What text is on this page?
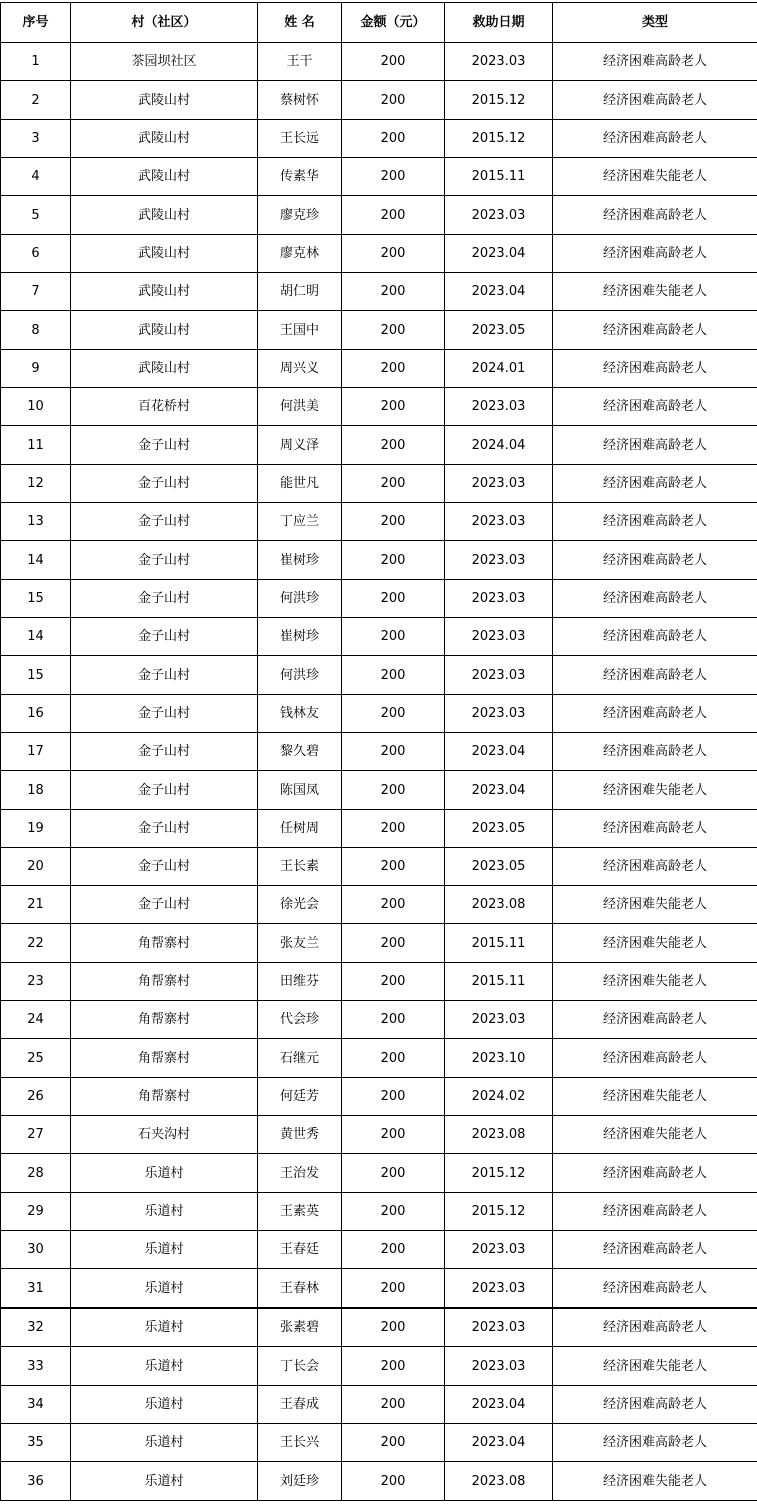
序号	村（社区）	姓 名	金额（元）	救助日期	类型
1	茶园坝社区	王干	200	2023.03	经济困难高龄老人
2	武陵山村	蔡树怀	200	2015.12	经济困难高龄老人
3	武陵山村	王长远	200	2015.12	经济困难高龄老人
4	武陵山村	传素华	200	2015.11	经济困难失能老人
5	武陵山村	廖克珍	200	2023.03	经济困难高龄老人
6	武陵山村	廖克林	200	2023.04	经济困难高龄老人
7	武陵山村	胡仁明	200	2023.04	经济困难失能老人
8	武陵山村	王国中	200	2023.05	经济困难高龄老人
9	武陵山村	周兴义	200	2024.01	经济困难高龄老人
10	百花桥村	何洪美	200	2023.03	经济困难高龄老人
11	金子山村	周义泽	200	2024.04	经济困难高龄老人
12	金子山村	能世凡	200	2023.03	经济困难高龄老人
13	金子山村	丁应兰	200	2023.03	经济困难高龄老人
14	金子山村	崔树珍	200	2023.03	经济困难高龄老人
15	金子山村	何洪珍	200	2023.03	经济困难高龄老人
14	金子山村	崔树珍	200	2023.03	经济困难高龄老人
15	金子山村	何洪珍	200	2023.03	经济困难高龄老人
16	金子山村	钱林友	200	2023.03	经济困难高龄老人
17	金子山村	黎久碧	200	2023.04	经济困难高龄老人
18	金子山村	陈国凤	200	2023.04	经济困难失能老人
19	金子山村	任树周	200	2023.05	经济困难高龄老人
20	金子山村	王长素	200	2023.05	经济困难高龄老人
21	金子山村	徐光会	200	2023.08	经济困难失能老人
22	角帮寨村	张友兰	200	2015.11	经济困难失能老人
23	角帮寨村	田维芬	200	2015.11	经济困难失能老人
24	角帮寨村	代会珍	200	2023.03	经济困难高龄老人
25	角帮寨村	石继元	200	2023.10	经济困难高龄老人
26	角帮寨村	何廷芳	200	2024.02	经济困难失能老人
27	石夹沟村	黄世秀	200	2023.08	经济困难失能老人
28	乐道村	王治发	200	2015.12	经济困难高龄老人
29	乐道村	王素英	200	2015.12	经济困难高龄老人
30	乐道村	王春廷	200	2023.03	经济困难高龄老人
31	乐道村	王春林	200	2023.03	经济困难高龄老人
32	乐道村	张素碧	200	2023.03	经济困难高龄老人
33	乐道村	丁长会	200	2023.03	经济困难失能老人
34	乐道村	王春成	200	2023.04	经济困难高龄老人
35	乐道村	王长兴	200	2023.04	经济困难高龄老人
36	乐道村	刘廷珍	200	2023.08	经济困难失能老人
